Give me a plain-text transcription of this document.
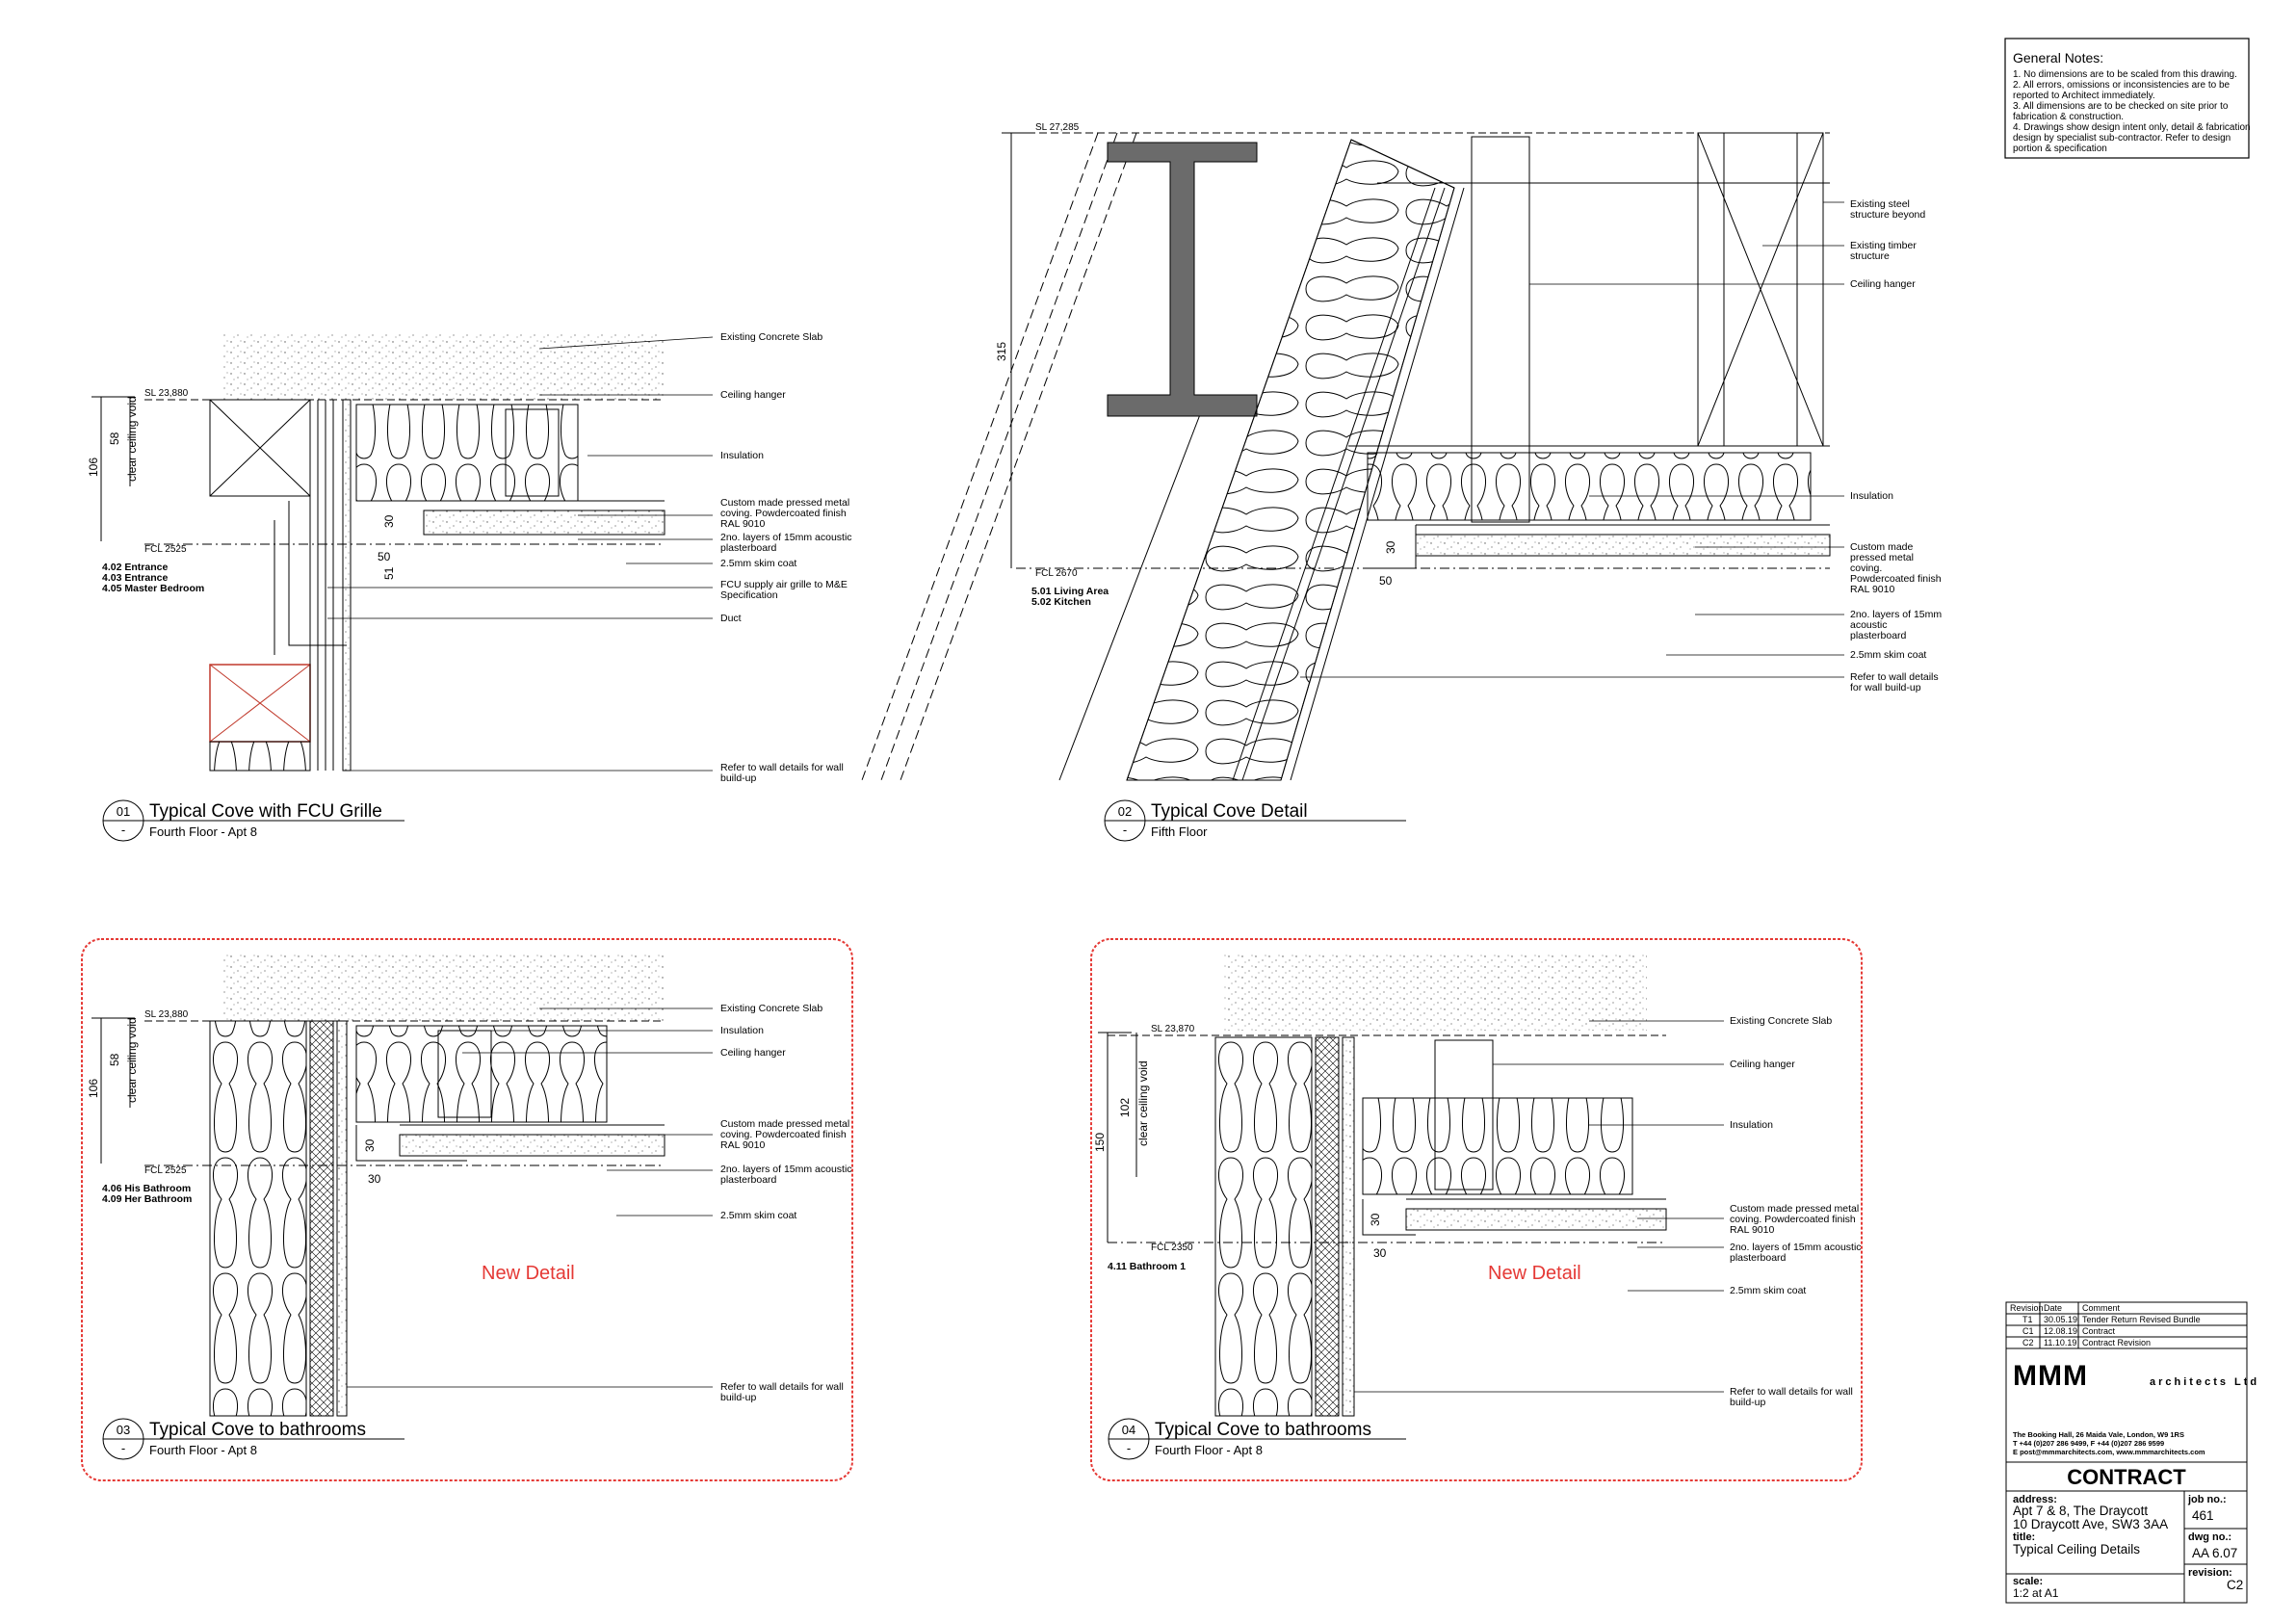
General Notes:
1. No dimensions are to be scaled from this drawing.
2. All errors, omissions or inconsistencies are to be
reported to Architect immediately.
3. All dimensions are to be checked on site prior to
fabrication & construction.
4. Drawings show design intent only, detail & fabrication
design by specialist sub-contractor. Refer to design
portion & specification
SL 23,880
FCL 2525
106
58 clear ceiling void
30
50
51
4.02 Entrance
4.03 Entrance
4.05 Master Bedroom
Existing Concrete Slab
Ceiling hanger
Insulation
Custom made pressed metal
coving. Powdercoated finish
RAL 9010
2no. layers of 15mm acoustic
plasterboard
2.5mm skim coat
FCU supply air grille to M&E
Specification
Duct
Refer to wall details for wall
build-up
01
-
Typical Cove with FCU Grille
Fourth Floor - Apt 8
SL 27,285
FCL 2670
315
30
50
5.01 Living Area
5.02 Kitchen
Existing steel
structure beyond
Existing timber
structure
Ceiling hanger
Insulation
Custom made
pressed metal
coving.
Powdercoated finish
RAL 9010
2no. layers of 15mm
acoustic
plasterboard
2.5mm skim coat
Refer to wall details
for wall build-up
02
-
Typical Cove Detail
Fifth Floor
SL 23,880
FCL 2525
106
58 clear ceiling void
30
30
4.06 His Bathroom
4.09 Her Bathroom
New Detail
Existing Concrete Slab
Insulation
Ceiling hanger
Custom made pressed metal
coving. Powdercoated finish
RAL 9010
2no. layers of 15mm acoustic
plasterboard
2.5mm skim coat
Refer to wall details for wall
build-up
03
-
Typical Cove to bathrooms
Fourth Floor - Apt 8
SL 23,870
FCL 2350
150
102 clear ceiling void
30
30
4.11 Bathroom 1	New Detail
Existing Concrete Slab
Ceiling hanger
Insulation
Custom made pressed metal
coving. Powdercoated finish
RAL 9010
2no. layers of 15mm acoustic
plasterboard
2.5mm skim coat
Refer to wall details for wall
build-up
04
-
Typical Cove to bathrooms
Fourth Floor - Apt 8
Revision Date Comment
T1 30.05.19 Tender Return Revised Bundle
C1 12.08.19 Contract
C2 11.10.19 Contract Revision
MMM	architects Ltd
The Booking Hall, 26 Maida Vale, London, W9 1RS
T +44 (0)207 286 9499, F +44 (0)207 286 9599
E post@mmmarchitects.com, www.mmmarchitects.com
CONTRACT
address:
Apt 7 & 8, The Draycott
10 Draycott Ave, SW3 3AA
title:
Typical Ceiling Details
scale:
1:2 at A1
job no.:
461
dwg no.:
AA 6.07
revision:
C2
